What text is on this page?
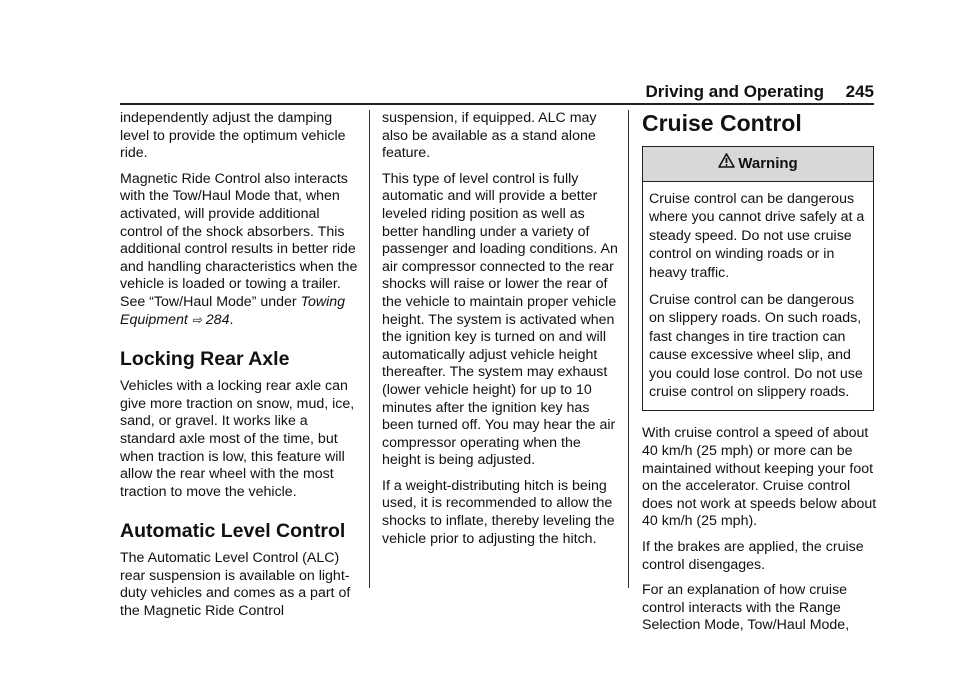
Driving and Operating 245

independently adjust the damping level to provide the optimum vehicle ride.

Magnetic Ride Control also interacts with the Tow/Haul Mode that, when activated, will provide additional control of the shock absorbers. This additional control results in better ride and handling characteristics when the vehicle is loaded or towing a trailer. See “Tow/Haul Mode” under Towing Equipment ⇨ 284.

Locking Rear Axle

Vehicles with a locking rear axle can give more traction on snow, mud, ice, sand, or gravel. It works like a standard axle most of the time, but when traction is low, this feature will allow the rear wheel with the most traction to move the vehicle.

Automatic Level Control

The Automatic Level Control (ALC) rear suspension is available on light-duty vehicles and comes as a part of the Magnetic Ride Control

suspension, if equipped. ALC may also be available as a stand alone feature.

This type of level control is fully automatic and will provide a better leveled riding position as well as better handling under a variety of passenger and loading conditions. An air compressor connected to the rear shocks will raise or lower the rear of the vehicle to maintain proper vehicle height. The system is activated when the ignition key is turned on and will automatically adjust vehicle height thereafter. The system may exhaust (lower vehicle height) for up to 10 minutes after the ignition key has been turned off. You may hear the air compressor operating when the height is being adjusted.

If a weight-distributing hitch is being used, it is recommended to allow the shocks to inflate, thereby leveling the vehicle prior to adjusting the hitch.

Cruise Control
Warning

Cruise control can be dangerous where you cannot drive safely at a steady speed. Do not use cruise control on winding roads or in heavy traffic.

Cruise control can be dangerous on slippery roads. On such roads, fast changes in tire traction can cause excessive wheel slip, and you could lose control. Do not use cruise control on slippery roads.

With cruise control a speed of about 40 km/h (25 mph) or more can be maintained without keeping your foot on the accelerator. Cruise control does not work at speeds below about 40 km/h (25 mph).

If the brakes are applied, the cruise control disengages.

For an explanation of how cruise control interacts with the Range Selection Mode, Tow/Haul Mode,
